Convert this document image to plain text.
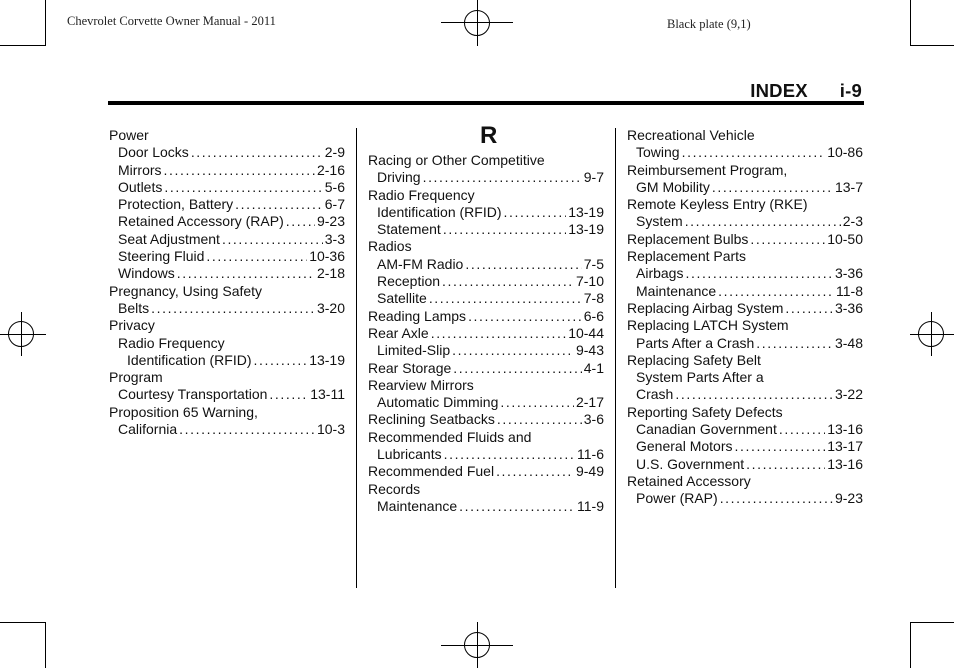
Chevrolet Corvette Owner Manual - 2011	Black plate (9,1)
INDEX i-9
Power
Door Locks .....	2-9
Mirrors .....	2-16
Outlets .....	5-6
Protection, Battery .....	6-7
Retained Accessory (RAP) ..... 9-23
Seat Adjustment .....	3-3
Steering Fluid .....	10-36
Windows .....	2-18
Pregnancy, Using Safety
Belts .....	3-20
Privacy
Radio Frequency
Identification (RFID) .....	13-19
Program
Courtesy Transportation .....	13-11
Proposition 65 Warning,
California .....	10-3
R
Racing or Other Competitive
Driving .....	9-7
Radio Frequency
Identification (RFID) .....	13-19
Statement .....	13-19
Radios
AM-FM Radio .....	7-5
Reception .....	7-10
Satellite .....	7-8
Reading Lamps .....	6-6
Rear Axle .....	10-44
Limited-Slip .....	9-43
Rear Storage .....	4-1
Rearview Mirrors
Automatic Dimming .....	2-17
Reclining Seatbacks .....	3-6
Recommended Fluids and
Lubricants .....	11-6
Recommended Fuel .....	9-49
Records
Maintenance .....	11-9
Recreational Vehicle
Towing .....	10-86
Reimbursement Program,
GM Mobility .....	13-7
Remote Keyless Entry (RKE)
System .....	2-3
Replacement Bulbs .....	10-50
Replacement Parts
Airbags .....	3-36
Maintenance .....	11-8
Replacing Airbag System .....	3-36
Replacing LATCH System
Parts After a Crash .....	3-48
Replacing Safety Belt
System Parts After a
Crash .....	3-22
Reporting Safety Defects
Canadian Government .....	13-16
General Motors .....	13-17
U.S. Government .....	13-16
Retained Accessory
Power (RAP) .....	9-23
